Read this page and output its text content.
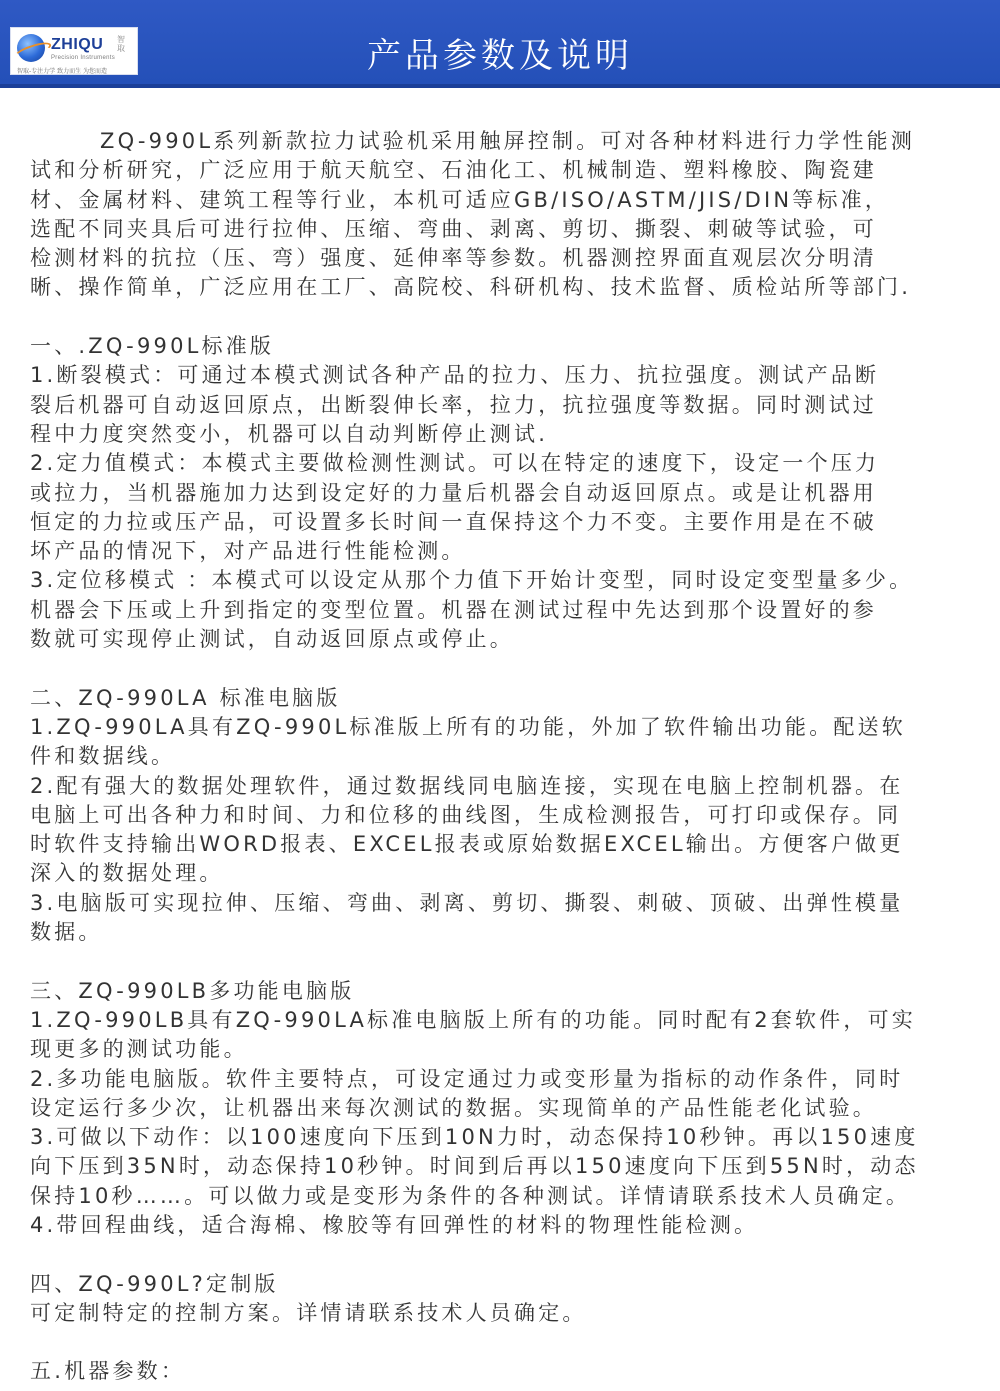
ZHIQU 智取
Precision Instruments
智取-专注力学 致力而生 为您而造	产品参数及说明
ZQ-990L系列新款拉力试验机采用触屏控制。可对各种材料进行力学性能测
试和分析研究，广泛应用于航天航空、石油化工、机械制造、塑料橡胶、陶瓷建
材、金属材料、建筑工程等行业，本机可适应GB/ISO/ASTM/JIS/DIN等标准，
选配不同夹具后可进行拉伸、压缩、弯曲、剥离、剪切、撕裂、刺破等试验，可
检测材料的抗拉（压、弯）强度、延伸率等参数。机器测控界面直观层次分明清
晰、操作简单，广泛应用在工厂、高院校、科研机构、技术监督、质检站所等部门.
一、.ZQ-990L标准版
1.断裂模式：可通过本模式测试各种产品的拉力、压力、抗拉强度。测试产品断
裂后机器可自动返回原点，出断裂伸长率，拉力，抗拉强度等数据。同时测试过
程中力度突然变小，机器可以自动判断停止测试.
2.定力值模式：本模式主要做检测性测试。可以在特定的速度下，设定一个压力
或拉力，当机器施加力达到设定好的力量后机器会自动返回原点。或是让机器用
恒定的力拉或压产品，可设置多长时间一直保持这个力不变。主要作用是在不破
坏产品的情况下，对产品进行性能检测。
3.定位移模式 ：本模式可以设定从那个力值下开始计变型，同时设定变型量多少。
机器会下压或上升到指定的变型位置。机器在测试过程中先达到那个设置好的参
数就可实现停止测试，自动返回原点或停止。
二、ZQ-990LA 标准电脑版
1.ZQ-990LA具有ZQ-990L标准版上所有的功能，外加了软件输出功能。配送软
件和数据线。
2.配有强大的数据处理软件，通过数据线同电脑连接，实现在电脑上控制机器。在
电脑上可出各种力和时间、力和位移的曲线图，生成检测报告，可打印或保存。同
时软件支持输出WORD报表、EXCEL报表或原始数据EXCEL输出。方便客户做更
深入的数据处理。
3.电脑版可实现拉伸、压缩、弯曲、剥离、剪切、撕裂、刺破、顶破、出弹性模量
数据。
三、ZQ-990LB多功能电脑版
1.ZQ-990LB具有ZQ-990LA标准电脑版上所有的功能。同时配有2套软件，可实
现更多的测试功能。
2.多功能电脑版。软件主要特点，可设定通过力或变形量为指标的动作条件，同时
设定运行多少次，让机器出来每次测试的数据。实现简单的产品性能老化试验。
3.可做以下动作：以100速度向下压到10N力时，动态保持10秒钟。再以150速度
向下压到35N时，动态保持10秒钟。时间到后再以150速度向下压到55N时，动态
保持10秒……。可以做力或是变形为条件的各种测试。详情请联系技术人员确定。
4.带回程曲线，适合海棉、橡胶等有回弹性的材料的物理性能检测。
四、ZQ-990L?定制版
可定制特定的控制方案。详情请联系技术人员确定。
五.机器参数：
